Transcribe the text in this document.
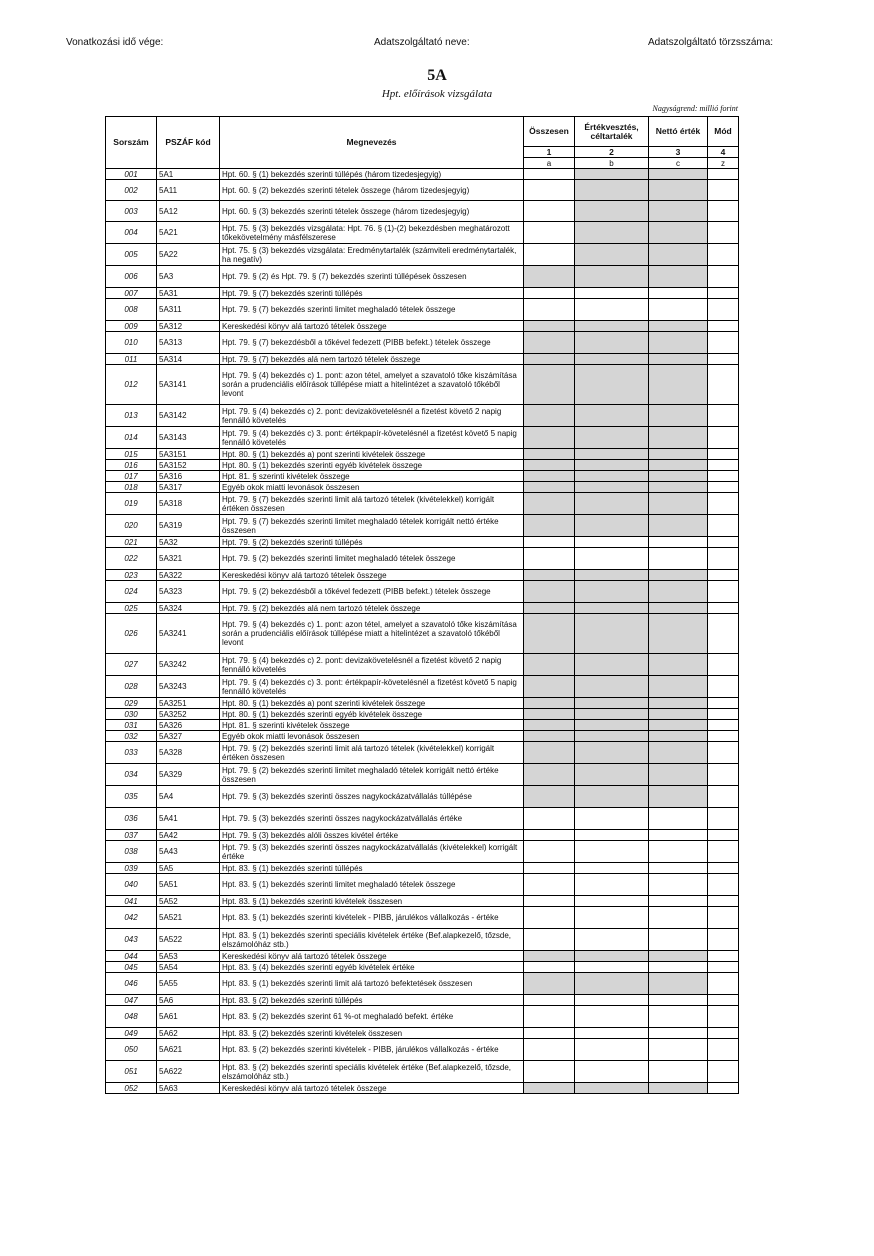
Vonatkozási idő vége:	Adatszolgáltató neve:	Adatszolgáltató törzsszáma:
5A
Hpt. előírások vizsgálata
Nagyságrend: millió forint
Sorszám	PSZÁF kód	Megnevezés	Összesen	Értékvesztés, céltartalék	Nettó érték	Mód
			1	2	3	4
			a	b	c	z
001	5A1	Hpt. 60. § (1) bekezdés szerinti túllépés (három tizedesjegyig)				
002	5A11	Hpt. 60. § (2) bekezdés szerinti tételek összege (három tizedesjegyig)				
003	5A12	Hpt. 60. § (3) bekezdés szerinti tételek összege (három tizedesjegyig)				
004	5A21	Hpt. 75. § (3) bekezdés vizsgálata: Hpt. 76. § (1)-(2) bekezdésben meghatározott tőkekövetelmény másfélszerese				
005	5A22	Hpt. 75. § (3) bekezdés vizsgálata: Eredménytartalék (számviteli eredménytartalék, ha negatív)				
006	5A3	Hpt. 79. § (2) és Hpt. 79. § (7) bekezdés szerinti túllépések összesen				
007	5A31	Hpt. 79. § (7) bekezdés szerinti túllépés				
008	5A311	Hpt. 79. § (7) bekezdés szerinti limitet meghaladó tételek összege				
009	5A312	Kereskedési könyv alá tartozó tételek összege				
010	5A313	Hpt. 79. § (7) bekezdésből a tőkével fedezett (PIBB befekt.) tételek összege				
011	5A314	Hpt. 79. § (7) bekezdés alá nem tartozó tételek összege				
012	5A3141	Hpt. 79. § (4) bekezdés c) 1. pont: azon tétel, amelyet a szavatoló tőke kiszámítása során a prudenciális előírások túllépése miatt a hitelintézet a szavatoló tőkéből levont				
013	5A3142	Hpt. 79. § (4) bekezdés c) 2. pont: devizakövetelésnél a fizetést követő 2 napig fennálló követelés				
014	5A3143	Hpt. 79. § (4) bekezdés c) 3. pont: értékpapír-követelésnél a fizetést követő 5 napig fennálló követelés				
015	5A3151	Hpt. 80. § (1) bekezdés a) pont szerinti kivételek összege				
016	5A3152	Hpt. 80. § (1) bekezdés szerinti egyéb kivételek összege				
017	5A316	Hpt. 81. § szerinti kivételek összege				
018	5A317	Egyéb okok miatti levonások összesen				
019	5A318	Hpt. 79. § (7) bekezdés szerinti limit alá tartozó tételek (kivételekkel) korrigált értéken összesen				
020	5A319	Hpt. 79. § (7) bekezdés szerinti limitet meghaladó tételek korrigált nettó értéke összesen				
021	5A32	Hpt. 79. § (2) bekezdés szerinti túllépés				
022	5A321	Hpt. 79. § (2) bekezdés szerinti limitet meghaladó tételek összege				
023	5A322	Kereskedési könyv alá tartozó tételek összege				
024	5A323	Hpt. 79. § (2) bekezdésből a tőkével fedezett (PIBB befekt.) tételek összege				
025	5A324	Hpt. 79. § (2) bekezdés alá nem tartozó tételek összege				
026	5A3241	Hpt. 79. § (4) bekezdés c) 1. pont: azon tétel, amelyet a szavatoló tőke kiszámítása során a prudenciális előírások túllépése miatt a hitelintézet a szavatoló tőkéből levont				
027	5A3242	Hpt. 79. § (4) bekezdés c) 2. pont: devizakövetelésnél a fizetést követő 2 napig fennálló követelés				
028	5A3243	Hpt. 79. § (4) bekezdés c) 3. pont: értékpapír-követelésnél a fizetést követő 5 napig fennálló követelés				
029	5A3251	Hpt. 80. § (1) bekezdés a) pont szerinti kivételek összege				
030	5A3252	Hpt. 80. § (1) bekezdés szerinti egyéb kivételek összege				
031	5A326	Hpt. 81. § szerinti kivételek összege				
032	5A327	Egyéb okok miatti levonások összesen				
033	5A328	Hpt. 79. § (2) bekezdés szerinti limit alá tartozó tételek (kivételekkel) korrigált értéken összesen				
034	5A329	Hpt. 79. § (2) bekezdés szerinti limitet meghaladó tételek korrigált nettó értéke összesen				
035	5A4	Hpt. 79. § (3) bekezdés szerinti összes nagykockázatvállalás túllépése				
036	5A41	Hpt. 79. § (3) bekezdés szerinti összes nagykockázatvállalás értéke				
037	5A42	Hpt. 79. § (3) bekezdés alóli összes kivétel értéke				
038	5A43	Hpt. 79. § (3) bekezdés szerinti összes nagykockázatvállalás (kivételekkel) korrigált értéke				
039	5A5	Hpt. 83. § (1) bekezdés szerinti túllépés				
040	5A51	Hpt. 83. § (1) bekezdés szerinti limitet meghaladó tételek összege				
041	5A52	Hpt. 83. § (1) bekezdés szerinti kivételek összesen				
042	5A521	Hpt. 83. § (1) bekezdés szerinti kivételek - PIBB, járulékos vállalkozás - értéke				
043	5A522	Hpt. 83. § (1) bekezdés szerinti speciális kivételek értéke (Bef.alapkezelő, tőzsde, elszámolóház stb.)				
044	5A53	Kereskedési könyv alá tartozó tételek összege				
045	5A54	Hpt. 83. § (4) bekezdés szerinti egyéb kivételek értéke				
046	5A55	Hpt. 83. § (1) bekezdés szerinti limit alá tartozó befektetések összesen				
047	5A6	Hpt. 83. § (2) bekezdés szerinti túllépés				
048	5A61	Hpt. 83. § (2) bekezdés szerint 61 %-ot meghaladó befekt. értéke				
049	5A62	Hpt. 83. § (2) bekezdés szerinti kivételek összesen				
050	5A621	Hpt. 83. § (2) bekezdés szerinti kivételek - PIBB, járulékos vállalkozás - értéke				
051	5A622	Hpt. 83. § (2) bekezdés szerinti speciális kivételek értéke (Bef.alapkezelő, tőzsde, elszámolóház stb.)				
052	5A63	Kereskedési könyv alá tartozó tételek összege				
